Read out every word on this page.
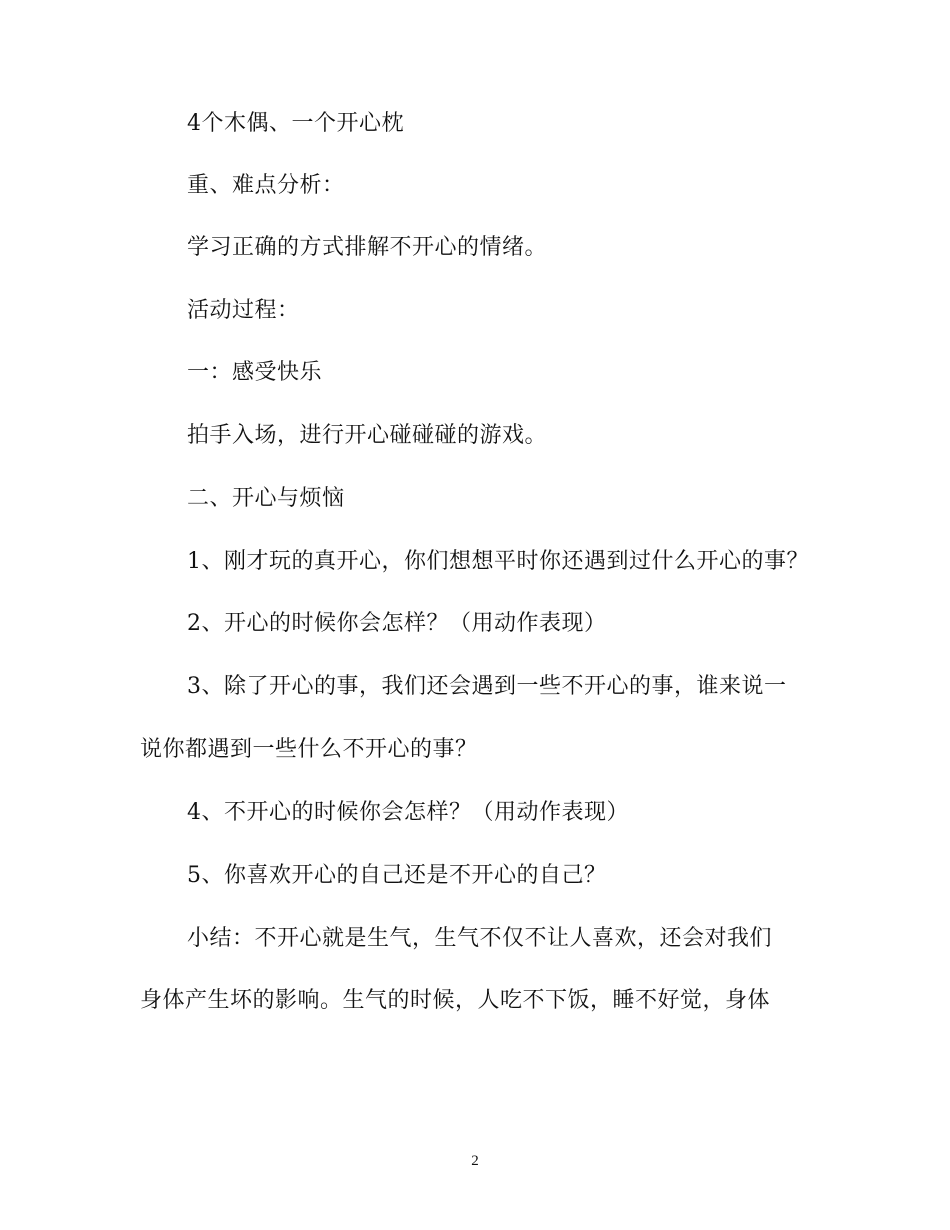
4个木偶、一个开心枕
重、难点分析：
学习正确的方式排解不开心的情绪。
活动过程：
一：感受快乐
拍手入场，进行开心碰碰碰的游戏。
二、开心与烦恼
1、刚才玩的真开心，你们想想平时你还遇到过什么开心的事？
2、开心的时候你会怎样？（用动作表现）
3、除了开心的事，我们还会遇到一些不开心的事，谁来说一
说你都遇到一些什么不开心的事？
4、不开心的时候你会怎样？（用动作表现）
5、你喜欢开心的自己还是不开心的自己？
小结：不开心就是生气，生气不仅不让人喜欢，还会对我们
身体产生坏的影响。生气的时候，人吃不下饭，睡不好觉，身体
2
